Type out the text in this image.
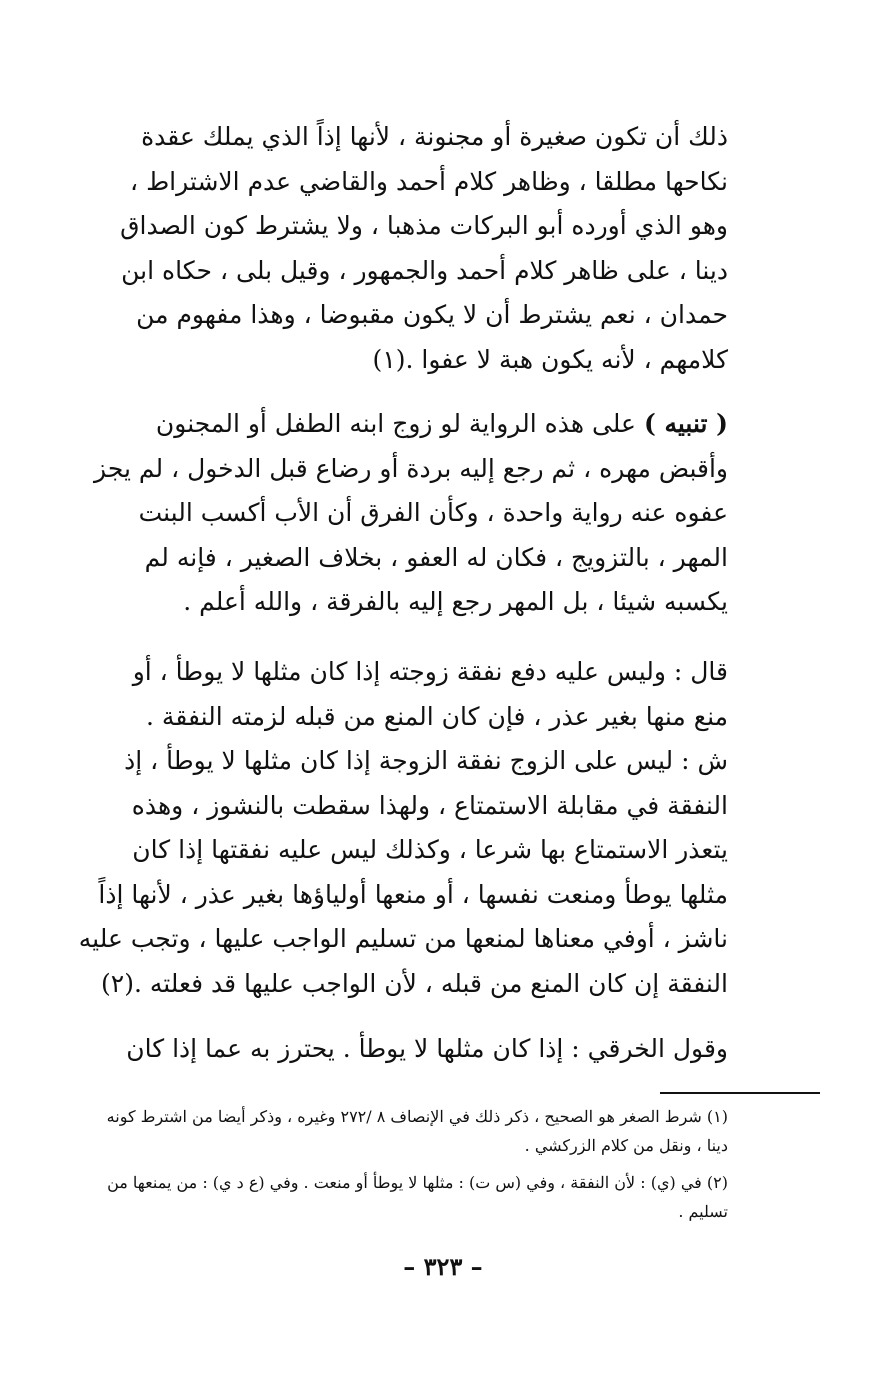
ذلك أن تكون صغيرة أو مجنونة ، لأنها إذاً الذي يملك عقدة
نكاحها مطلقا ، وظاهر كلام أحمد والقاضي عدم الاشتراط ،
وهو الذي أورده أبو البركات مذهبا ، ولا يشترط كون الصداق
دينا ، على ظاهر كلام أحمد والجمهور ، وقيل بلى ، حكاه ابن
حمدان ، نعم يشترط أن لا يكون مقبوضا ، وهذا مفهوم من
كلامهم ، لأنه يكون هبة لا عفوا .(١)
( تنبيه ) على هذه الرواية لو زوج ابنه الطفل أو المجنون
وأقبض مهره ، ثم رجع إليه بردة أو رضاع قبل الدخول ، لم يجز
عفوه عنه رواية واحدة ، وكأن الفرق أن الأب أكسب البنت
المهر ، بالتزويج ، فكان له العفو ، بخلاف الصغير ، فإنه لم
يكسبه شيئا ، بل المهر رجع إليه بالفرقة ، والله أعلم .
قال : وليس عليه دفع نفقة زوجته إذا كان مثلها لا يوطأ ، أو
منع منها بغير عذر ، فإن كان المنع من قبله لزمته النفقة .
ش : ليس على الزوج نفقة الزوجة إذا كان مثلها لا يوطأ ، إذ
النفقة في مقابلة الاستمتاع ، ولهذا سقطت بالنشوز ، وهذه
يتعذر الاستمتاع بها شرعا ، وكذلك ليس عليه نفقتها إذا كان
مثلها يوطأ ومنعت نفسها ، أو منعها أولياؤها بغير عذر ، لأنها إذاً
ناشز ، أوفي معناها لمنعها من تسليم الواجب عليها ، وتجب عليه
النفقة إن كان المنع من قبله ، لأن الواجب عليها قد فعلته .(٢)
وقول الخرقي : إذا كان مثلها لا يوطأ . يحترز به عما إذا كان
(١) شرط الصغر هو الصحيح ، ذكر ذلك في الإنصاف ٨ /٢٧٢ وغيره ، وذكر أيضا من اشترط كونه
دينا ، ونقل من كلام الزركشي .
(٢) في (ي) : لأن النفقة ، وفي (س ت) : مثلها لا يوطأ أو منعت . وفي (ع د ي) : من يمنعها من
تسليم .
– ٣٢٣ –
